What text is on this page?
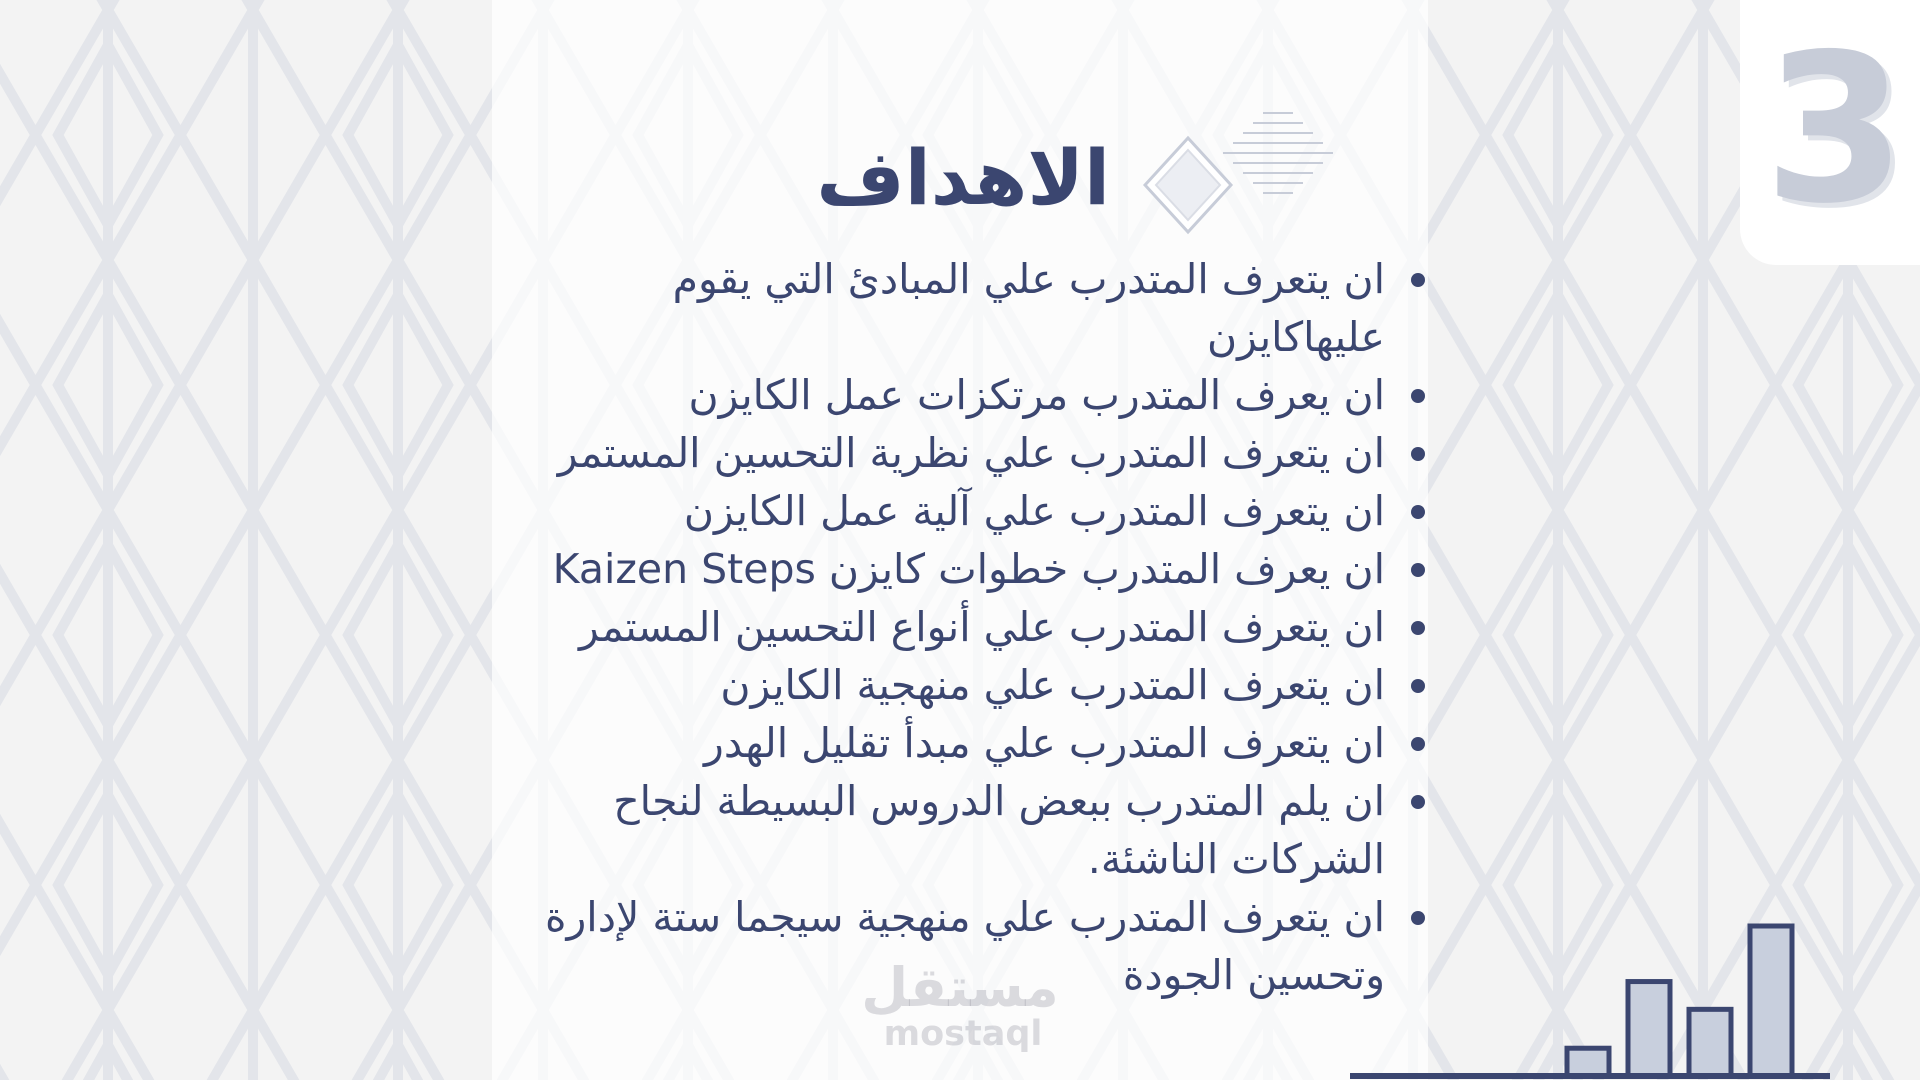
3
الاهداف
مستقل
mostaql
ان يتعرف المتدرب علي المبادئ التي يقوم عليهاكايزن
ان يعرف المتدرب مرتكزات عمل الكايزن
ان يتعرف المتدرب علي نظرية التحسين المستمر
ان يتعرف المتدرب علي آلية عمل الكايزن
ان يعرف المتدرب خطوات كايزن Kaizen Steps
ان يتعرف المتدرب علي أنواع التحسين المستمر
ان يتعرف المتدرب علي منهجية الكايزن
ان يتعرف المتدرب علي مبدأ تقليل الهدر
ان يلم المتدرب ببعض الدروس البسيطة لنجاح الشركات الناشئة.
ان يتعرف المتدرب علي منهجية سيجما ستة لإدارة وتحسين الجودة
